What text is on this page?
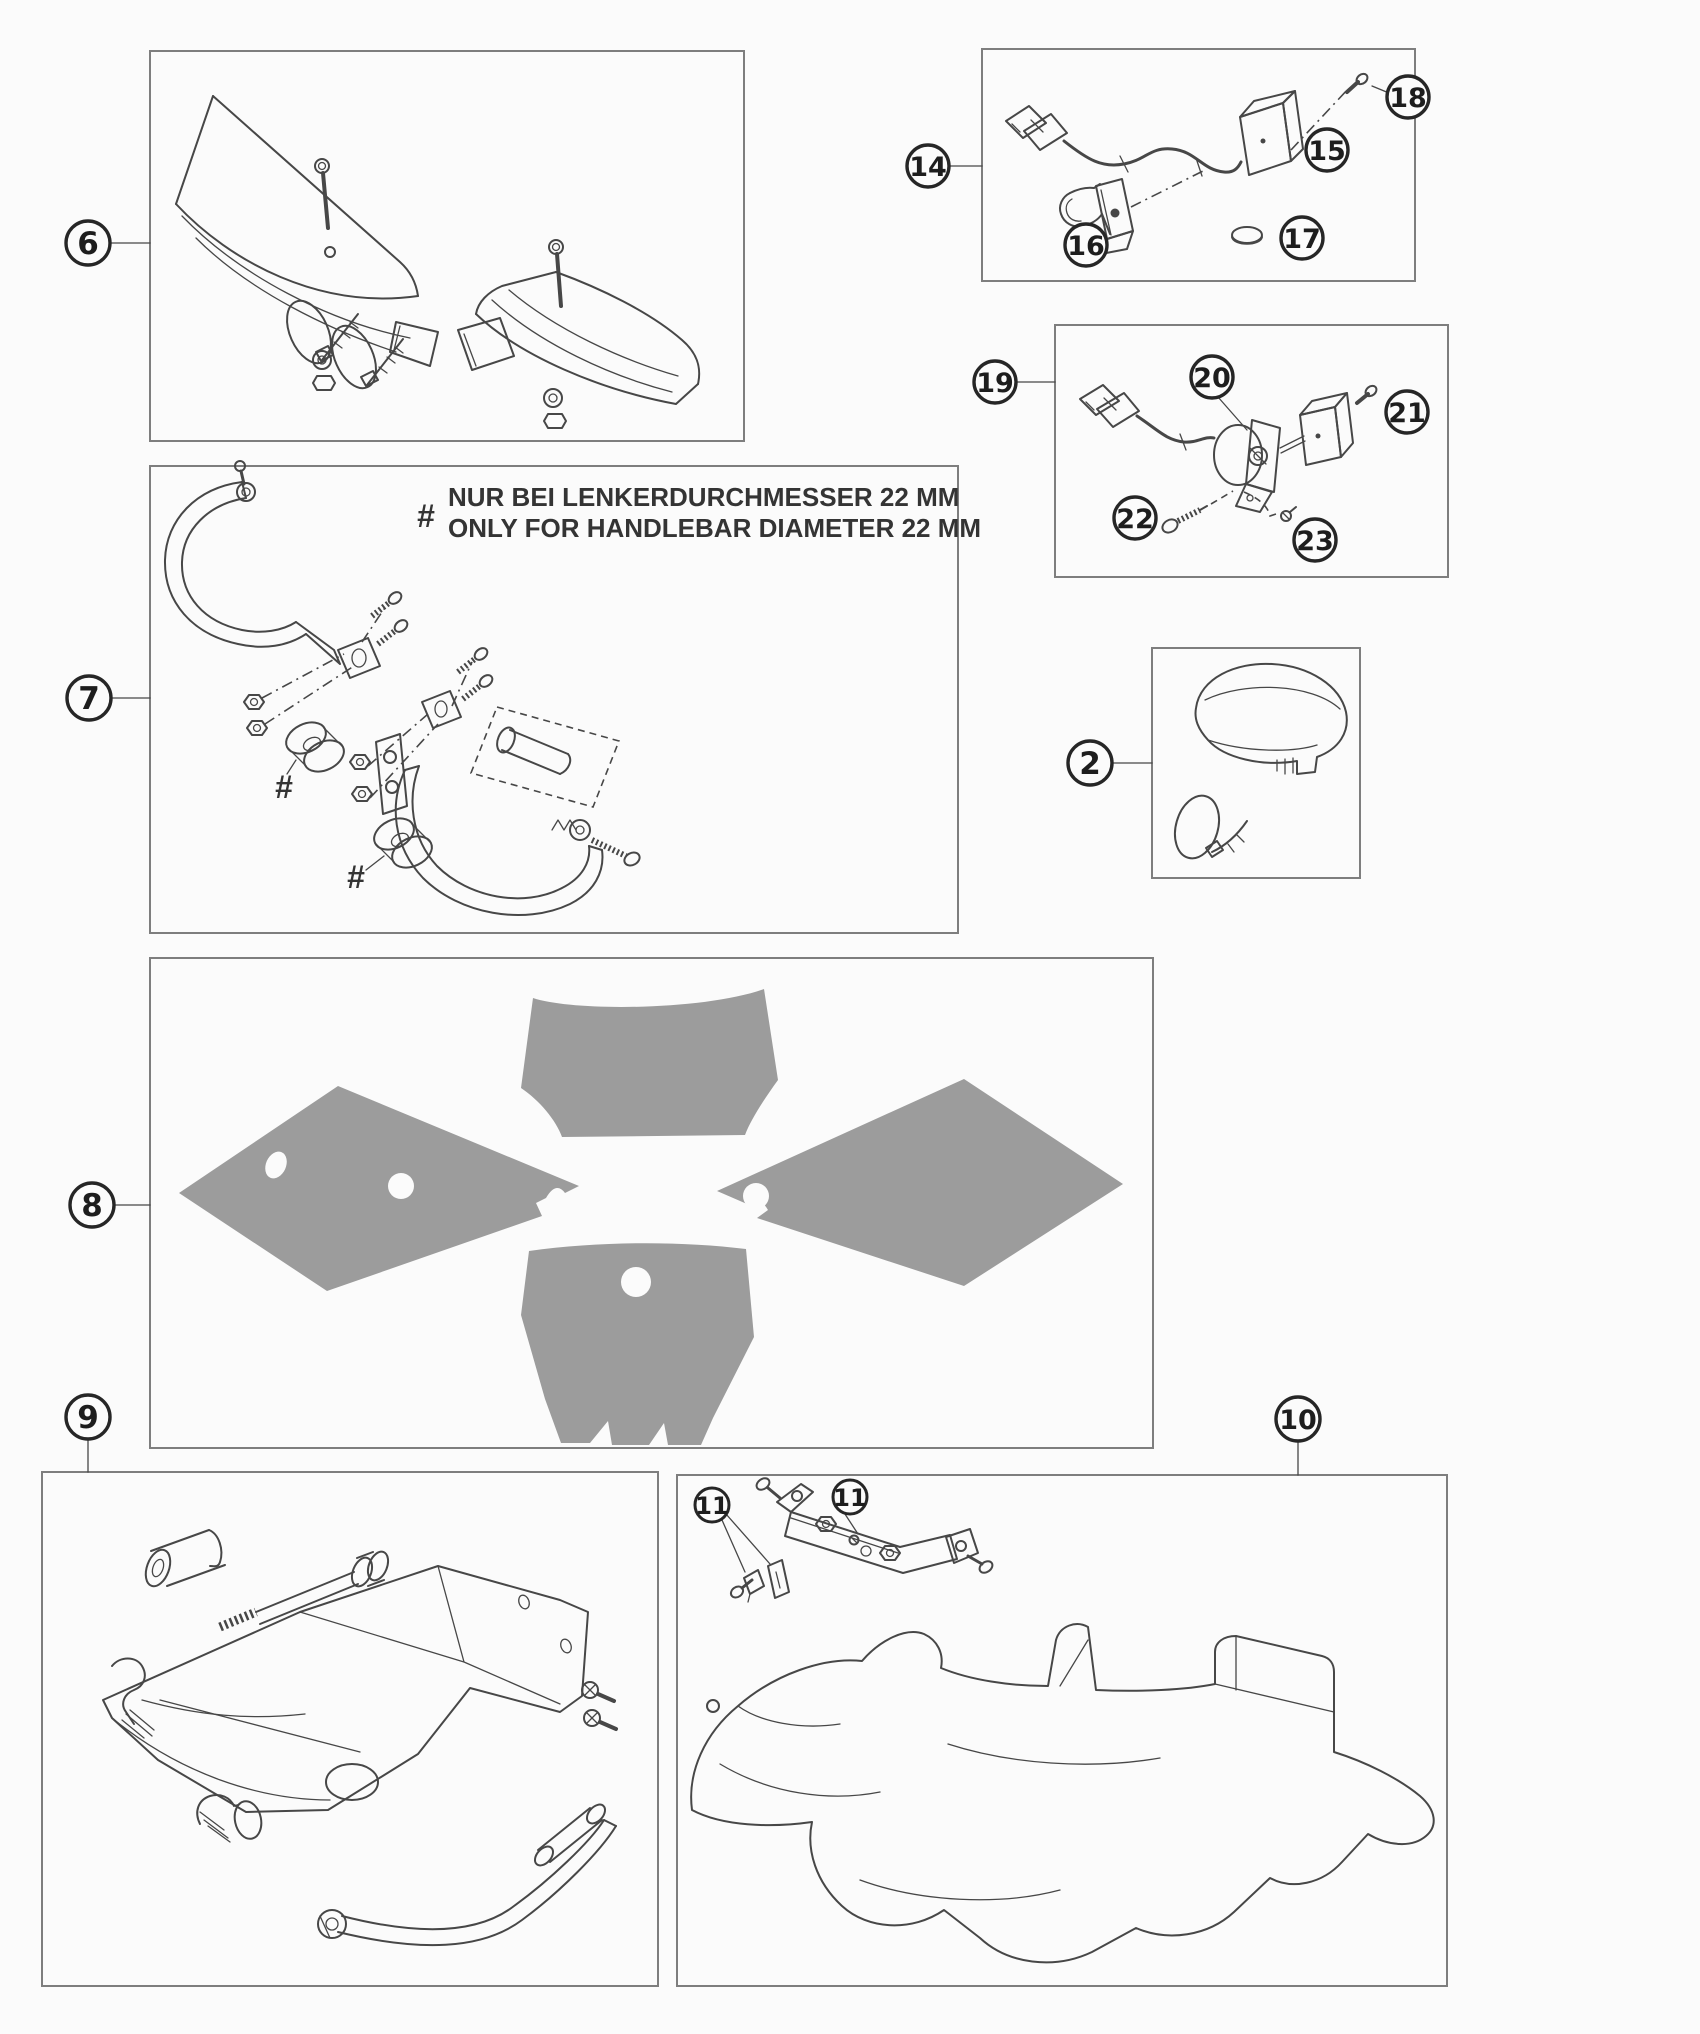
#
NUR BEI LENKERDURCHMESSER 22 MM
ONLY FOR HANDLEBAR DIAMETER 22 MM
#
#
6
7
8
9
2
14
15
16	17
18
19	20
21
22
23
10
11	11
